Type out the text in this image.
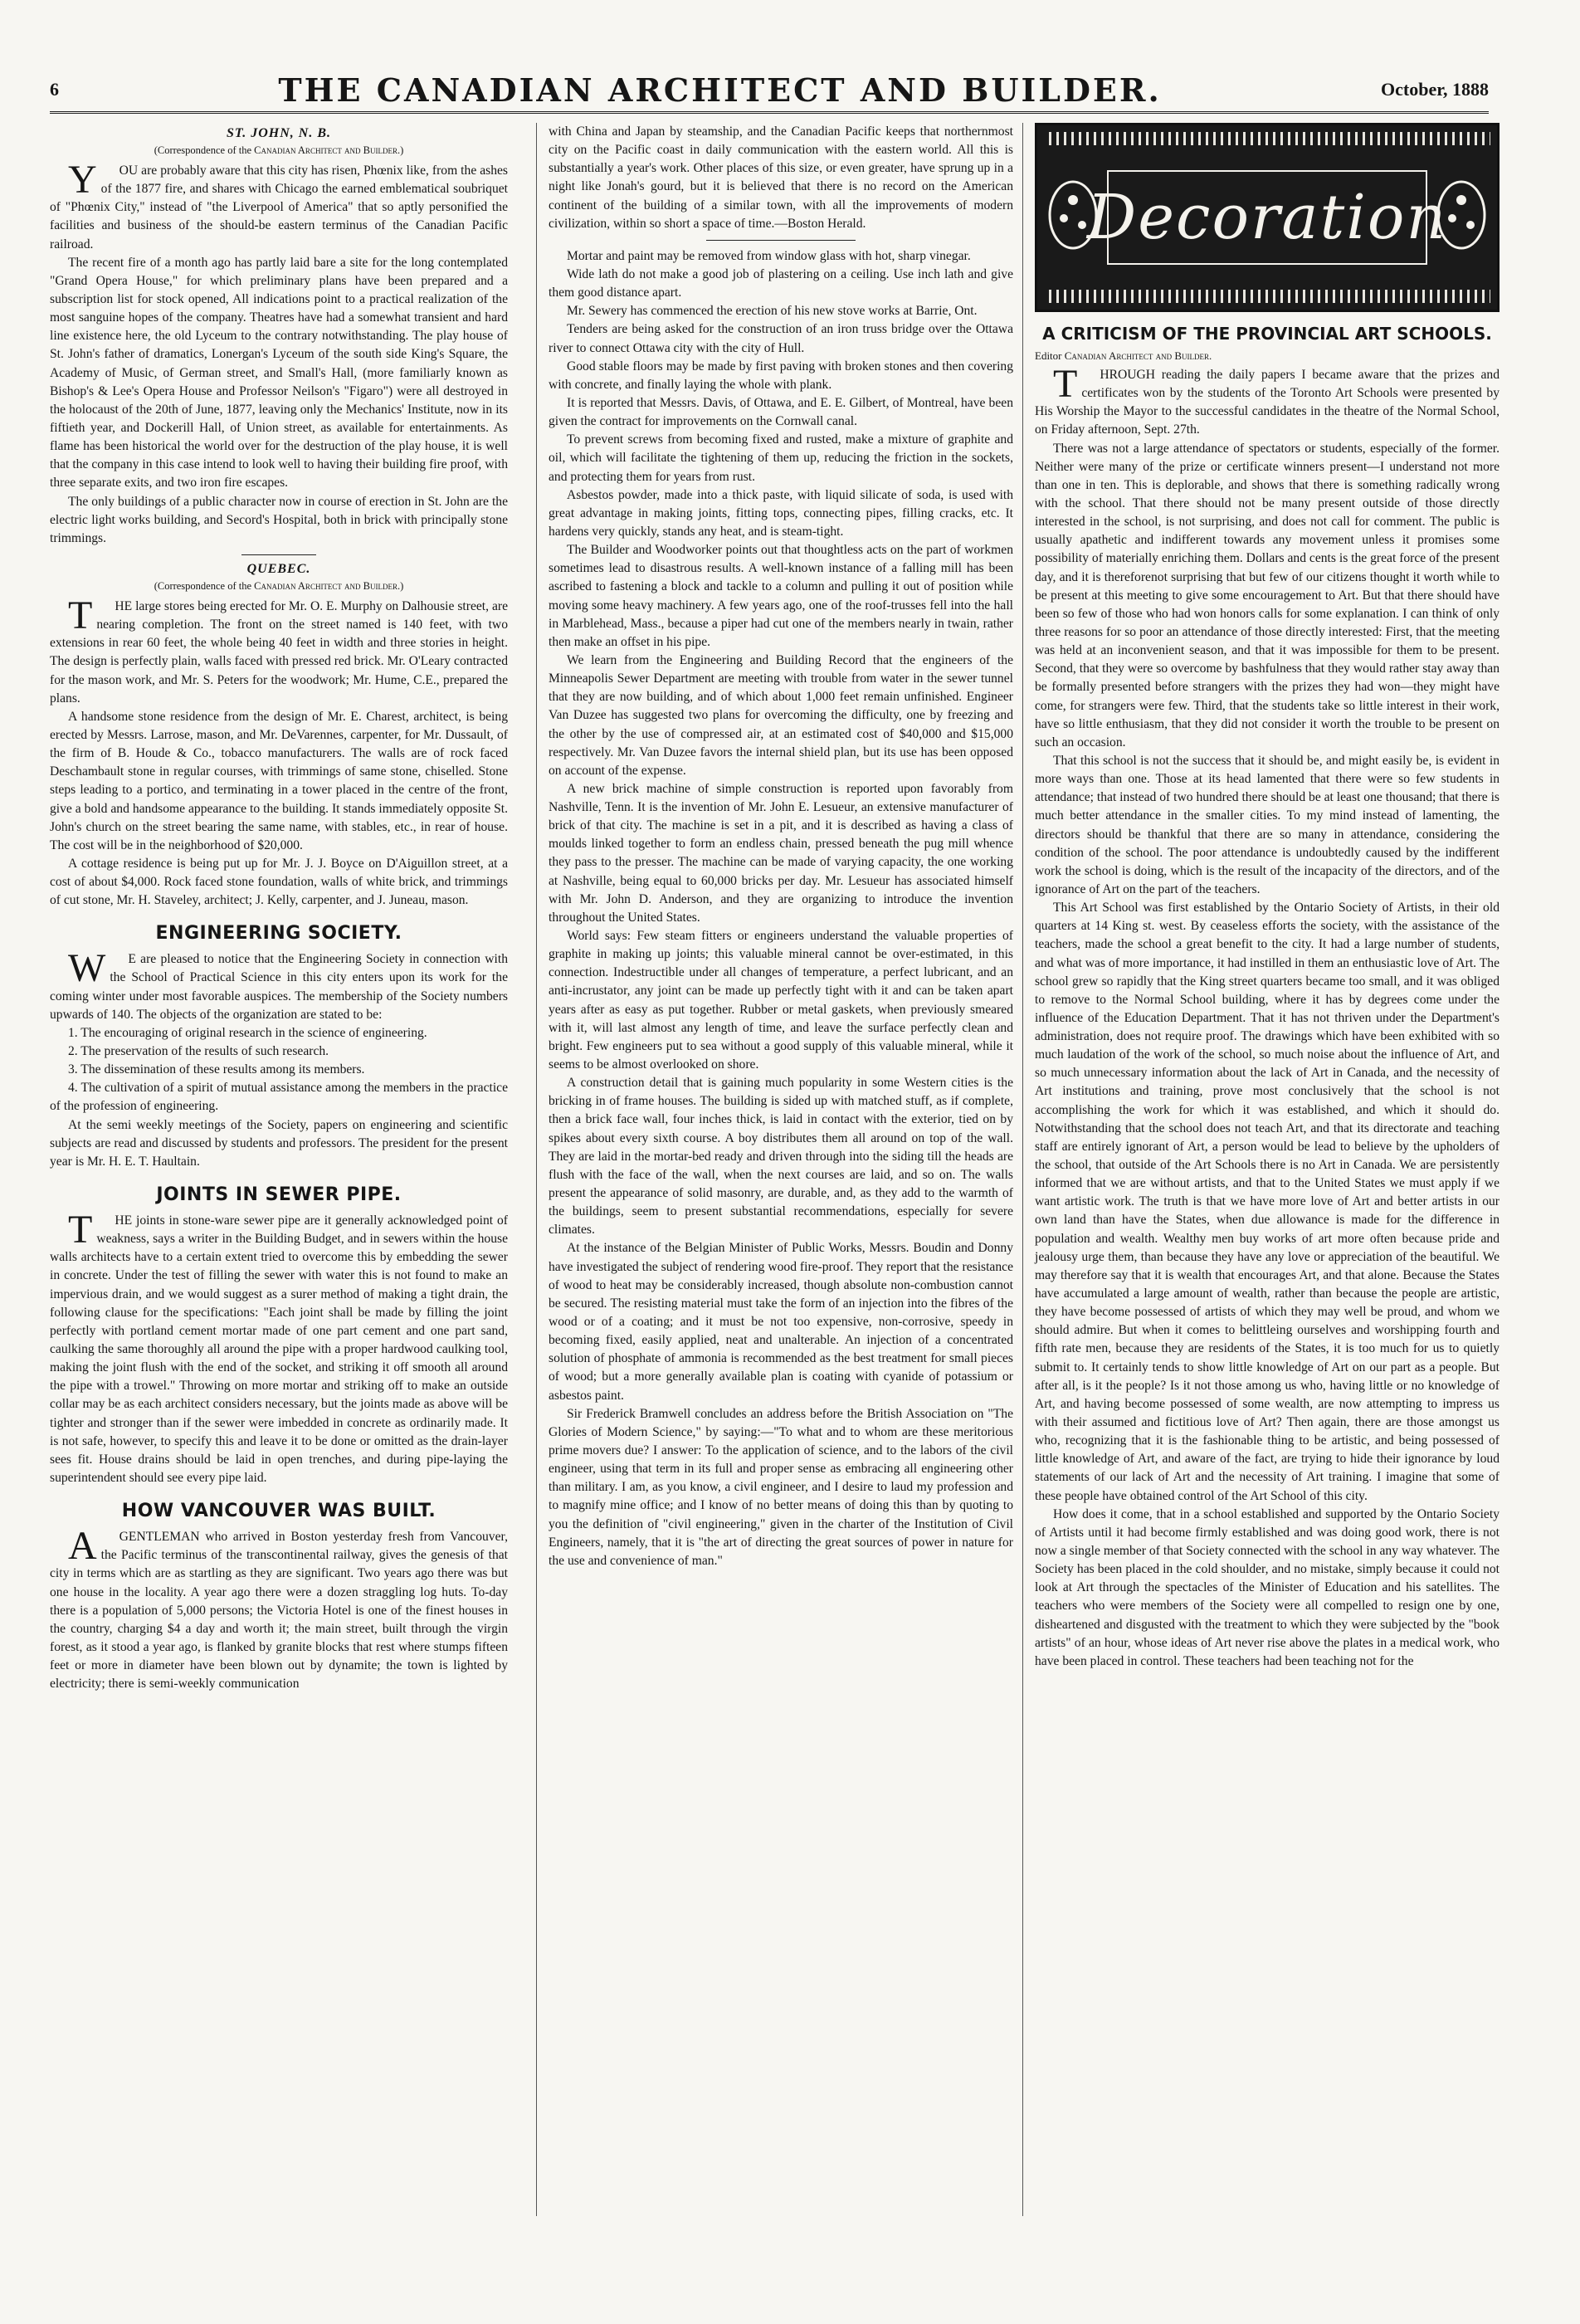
6	THE CANADIAN ARCHITECT AND BUILDER.	October, 1888
ST. JOHN, N. B.
(Correspondence of the Canadian Architect and Builder.)

YOU are probably aware that this city has risen, Phœnix like, from the ashes of the 1877 fire, and shares with Chicago the earned emblematical soubriquet of "Phœnix City," instead of "the Liverpool of America" that so aptly personified the facilities and business of the should-be eastern terminus of the Canadian Pacific railroad.

The recent fire of a month ago has partly laid bare a site for the long contemplated "Grand Opera House," for which preliminary plans have been prepared and a subscription list for stock opened, All indications point to a practical realization of the most sanguine hopes of the company. Theatres have had a somewhat transient and hard line existence here, the old Lyceum to the contrary notwithstanding. The play house of St. John's father of dramatics, Lonergan's Lyceum of the south side King's Square, the Academy of Music, of German street, and Small's Hall, (more familiarly known as Bishop's & Lee's Opera House and Professor Neilson's "Figaro") were all destroyed in the holocaust of the 20th of June, 1877, leaving only the Mechanics' Institute, now in its fiftieth year, and Dockerill Hall, of Union street, as available for entertainments. As flame has been historical the world over for the destruction of the play house, it is well that the company in this case intend to look well to having their building fire proof, with three separate exits, and two iron fire escapes.

The only buildings of a public character now in course of erection in St. John are the electric light works building, and Secord's Hospital, both in brick with principally stone trimmings.

QUEBEC.
(Correspondence of the Canadian Architect and Builder.)

THE large stores being erected for Mr. O. E. Murphy on Dalhousie street, are nearing completion. The front on the street named is 140 feet, with two extensions in rear 60 feet, the whole being 40 feet in width and three stories in height. The design is perfectly plain, walls faced with pressed red brick. Mr. O'Leary contracted for the mason work, and Mr. S. Peters for the woodwork; Mr. Hume, C.E., prepared the plans.

A handsome stone residence from the design of Mr. E. Charest, architect, is being erected by Messrs. Larrose, mason, and Mr. DeVarennes, carpenter, for Mr. Dussault, of the firm of B. Houde & Co., tobacco manufacturers. The walls are of rock faced Deschambault stone in regular courses, with trimmings of same stone, chiselled. Stone steps leading to a portico, and terminating in a tower placed in the centre of the front, give a bold and handsome appearance to the building. It stands immediately opposite St. John's church on the street bearing the same name, with stables, etc., in rear of house. The cost will be in the neighborhood of $20,000.

A cottage residence is being put up for Mr. J. J. Boyce on D'Aiguillon street, at a cost of about $4,000. Rock faced stone foundation, walls of white brick, and trimmings of cut stone, Mr. H. Staveley, architect; J. Kelly, carpenter, and J. Juneau, mason.

ENGINEERING SOCIETY.

WE are pleased to notice that the Engineering Society in connection with the School of Practical Science in this city enters upon its work for the coming winter under most favorable auspices. The membership of the Society numbers upwards of 140. The objects of the organization are stated to be:

1. The encouraging of original research in the science of engineering.

2. The preservation of the results of such research.

3. The dissemination of these results among its members.

4. The cultivation of a spirit of mutual assistance among the members in the practice of the profession of engineering.

At the semi weekly meetings of the Society, papers on engineering and scientific subjects are read and discussed by students and professors. The president for the present year is Mr. H. E. T. Haultain.

JOINTS IN SEWER PIPE.

THE joints in stone-ware sewer pipe are it generally acknowledged point of weakness, says a writer in the Building Budget, and in sewers within the house walls architects have to a certain extent tried to overcome this by embedding the sewer in concrete. Under the test of filling the sewer with water this is not found to make an impervious drain, and we would suggest as a surer method of making a tight drain, the following clause for the specifications: "Each joint shall be made by filling the joint perfectly with portland cement mortar made of one part cement and one part sand, caulking the same thoroughly all around the pipe with a proper hardwood caulking tool, making the joint flush with the end of the socket, and striking it off smooth all around the pipe with a trowel." Throwing on more mortar and striking off to make an outside collar may be as each architect considers necessary, but the joints made as above will be tighter and stronger than if the sewer were imbedded in concrete as ordinarily made. It is not safe, however, to specify this and leave it to be done or omitted as the drain-layer sees fit. House drains should be laid in open trenches, and during pipe-laying the superintendent should see every pipe laid.

HOW VANCOUVER WAS BUILT.

AGENTLEMAN who arrived in Boston yesterday fresh from Vancouver, the Pacific terminus of the transcontinental railway, gives the genesis of that city in terms which are as startling as they are significant. Two years ago there was but one house in the locality. A year ago there were a dozen straggling log huts. To-day there is a population of 5,000 persons; the Victoria Hotel is one of the finest houses in the country, charging $4 a day and worth it; the main street, built through the virgin forest, as it stood a year ago, is flanked by granite blocks that rest where stumps fifteen feet or more in diameter have been blown out by dynamite; the town is lighted by electricity; there is semi-weekly communication

with China and Japan by steamship, and the Canadian Pacific keeps that northernmost city on the Pacific coast in daily communication with the eastern world. All this is substantially a year's work. Other places of this size, or even greater, have sprung up in a night like Jonah's gourd, but it is believed that there is no record on the American continent of the building of a similar town, with all the improvements of modern civilization, within so short a space of time.—Boston Herald.

Mortar and paint may be removed from window glass with hot, sharp vinegar.

Wide lath do not make a good job of plastering on a ceiling. Use inch lath and give them good distance apart.

Mr. Sewery has commenced the erection of his new stove works at Barrie, Ont.

Tenders are being asked for the construction of an iron truss bridge over the Ottawa river to connect Ottawa city with the city of Hull.

Good stable floors may be made by first paving with broken stones and then covering with concrete, and finally laying the whole with plank.

It is reported that Messrs. Davis, of Ottawa, and E. E. Gilbert, of Montreal, have been given the contract for improvements on the Cornwall canal.

To prevent screws from becoming fixed and rusted, make a mixture of graphite and oil, which will facilitate the tightening of them up, reducing the friction in the sockets, and protecting them for years from rust.

Asbestos powder, made into a thick paste, with liquid silicate of soda, is used with great advantage in making joints, fitting tops, connecting pipes, filling cracks, etc. It hardens very quickly, stands any heat, and is steam-tight.

The Builder and Woodworker points out that thoughtless acts on the part of workmen sometimes lead to disastrous results. A well-known instance of a falling mill has been ascribed to fastening a block and tackle to a column and pulling it out of position while moving some heavy machinery. A few years ago, one of the roof-trusses fell into the hall in Marblehead, Mass., because a piper had cut one of the members nearly in twain, rather then make an offset in his pipe.

We learn from the Engineering and Building Record that the engineers of the Minneapolis Sewer Department are meeting with trouble from water in the sewer tunnel that they are now building, and of which about 1,000 feet remain unfinished. Engineer Van Duzee has suggested two plans for overcoming the difficulty, one by freezing and the other by the use of compressed air, at an estimated cost of $40,000 and $15,000 respectively. Mr. Van Duzee favors the internal shield plan, but its use has been opposed on account of the expense.

A new brick machine of simple construction is reported upon favorably from Nashville, Tenn. It is the invention of Mr. John E. Lesueur, an extensive manufacturer of brick of that city. The machine is set in a pit, and it is described as having a class of moulds linked together to form an endless chain, pressed beneath the pug mill whence they pass to the presser. The machine can be made of varying capacity, the one working at Nashville, being equal to 60,000 bricks per day. Mr. Lesueur has associated himself with Mr. John D. Anderson, and they are organizing to introduce the invention throughout the United States.

World says: Few steam fitters or engineers understand the valuable properties of graphite in making up joints; this valuable mineral cannot be over-estimated, in this connection. Indestructible under all changes of temperature, a perfect lubricant, and an anti-incrustator, any joint can be made up perfectly tight with it and can be taken apart years after as easy as put together. Rubber or metal gaskets, when previously smeared with it, will last almost any length of time, and leave the surface perfectly clean and bright. Few engineers put to sea without a good supply of this valuable mineral, while it seems to be almost overlooked on shore.

A construction detail that is gaining much popularity in some Western cities is the bricking in of frame houses. The building is sided up with matched stuff, as if complete, then a brick face wall, four inches thick, is laid in contact with the exterior, tied on by spikes about every sixth course. A boy distributes them all around on top of the wall. They are laid in the mortar-bed ready and driven through into the siding till the heads are flush with the face of the wall, when the next courses are laid, and so on. The walls present the appearance of solid masonry, are durable, and, as they add to the warmth of the buildings, seem to present substantial recommendations, especially for severe climates.

At the instance of the Belgian Minister of Public Works, Messrs. Boudin and Donny have investigated the subject of rendering wood fire-proof. They report that the resistance of wood to heat may be considerably increased, though absolute non-combustion cannot be secured. The resisting material must take the form of an injection into the fibres of the wood or of a coating; and it must be not too expensive, non-corrosive, speedy in becoming fixed, easily applied, neat and unalterable. An injection of a concentrated solution of phosphate of ammonia is recommended as the best treatment for small pieces of wood; but a more generally available plan is coating with cyanide of potassium or asbestos paint.

Sir Frederick Bramwell concludes an address before the British Association on "The Glories of Modern Science," by saying:—"To what and to whom are these meritorious prime movers due? I answer: To the application of science, and to the labors of the civil engineer, using that term in its full and proper sense as embracing all engineering other than military. I am, as you know, a civil engineer, and I desire to laud my profession and to magnify mine office; and I know of no better means of doing this than by quoting to you the definition of "civil engineering," given in the charter of the Institution of Civil Engineers, namely, that it is "the art of directing the great sources of power in nature for the use and convenience of man."

Decoration
A CRITICISM OF THE PROVINCIAL ART SCHOOLS.
Editor Canadian Architect and Builder.

THROUGH reading the daily papers I became aware that the prizes and certificates won by the students of the Toronto Art Schools were presented by His Worship the Mayor to the successful candidates in the theatre of the Normal School, on Friday afternoon, Sept. 27th.

There was not a large attendance of spectators or students, especially of the former. Neither were many of the prize or certificate winners present—I understand not more than one in ten. This is deplorable, and shows that there is something radically wrong with the school. That there should not be many present outside of those directly interested in the school, is not surprising, and does not call for comment. The public is usually apathetic and indifferent towards any movement unless it promises some possibility of materially enriching them. Dollars and cents is the great force of the present day, and it is thereforenot surprising that but few of our citizens thought it worth while to be present at this meeting to give some encouragement to Art. But that there should have been so few of those who had won honors calls for some explanation. I can think of only three reasons for so poor an attendance of those directly interested: First, that the meeting was held at an inconvenient season, and that it was impossible for them to be present. Second, that they were so overcome by bashfulness that they would rather stay away than be formally presented before strangers with the prizes they had won—they might have come, for strangers were few. Third, that the students take so little interest in their work, have so little enthusiasm, that they did not consider it worth the trouble to be present on such an occasion.

That this school is not the success that it should be, and might easily be, is evident in more ways than one. Those at its head lamented that there were so few students in attendance; that instead of two hundred there should be at least one thousand; that there is much better attendance in the smaller cities. To my mind instead of lamenting, the directors should be thankful that there are so many in attendance, considering the condition of the school. The poor attendance is undoubtedly caused by the indifferent work the school is doing, which is the result of the incapacity of the directors, and of the ignorance of Art on the part of the teachers.

This Art School was first established by the Ontario Society of Artists, in their old quarters at 14 King st. west. By ceaseless efforts the society, with the assistance of the teachers, made the school a great benefit to the city. It had a large number of students, and what was of more importance, it had instilled in them an enthusiastic love of Art. The school grew so rapidly that the King street quarters became too small, and it was obliged to remove to the Normal School building, where it has by degrees come under the influence of the Education Department. That it has not thriven under the Department's administration, does not require proof. The drawings which have been exhibited with so much laudation of the work of the school, so much noise about the influence of Art, and so much unnecessary information about the lack of Art in Canada, and the necessity of Art institutions and training, prove most conclusively that the school is not accomplishing the work for which it was established, and which it should do. Notwithstanding that the school does not teach Art, and that its directorate and teaching staff are entirely ignorant of Art, a person would be lead to believe by the upholders of the school, that outside of the Art Schools there is no Art in Canada. We are persistently informed that we are without artists, and that to the United States we must apply if we want artistic work. The truth is that we have more love of Art and better artists in our own land than have the States, when due allowance is made for the difference in population and wealth. Wealthy men buy works of art more often because pride and jealousy urge them, than because they have any love or appreciation of the beautiful. We may therefore say that it is wealth that encourages Art, and that alone. Because the States have accumulated a large amount of wealth, rather than because the people are artistic, they have become possessed of artists of which they may well be proud, and whom we should admire. But when it comes to belittleing ourselves and worshipping fourth and fifth rate men, because they are residents of the States, it is too much for us to quietly submit to. It certainly tends to show little knowledge of Art on our part as a people. But after all, is it the people? Is it not those among us who, having little or no knowledge of Art, and having become possessed of some wealth, are now attempting to impress us with their assumed and fictitious love of Art? Then again, there are those amongst us who, recognizing that it is the fashionable thing to be artistic, and being possessed of little knowledge of Art, and aware of the fact, are trying to hide their ignorance by loud statements of our lack of Art and the necessity of Art training. I imagine that some of these people have obtained control of the Art School of this city.

How does it come, that in a school established and supported by the Ontario Society of Artists until it had become firmly established and was doing good work, there is not now a single member of that Society connected with the school in any way whatever. The Society has been placed in the cold shoulder, and no mistake, simply because it could not look at Art through the spectacles of the Minister of Education and his satellites. The teachers who were members of the Society were all compelled to resign one by one, disheartened and disgusted with the treatment to which they were subjected by the "book artists" of an hour, whose ideas of Art never rise above the plates in a medical work, who have been placed in control. These teachers had been teaching not for the
